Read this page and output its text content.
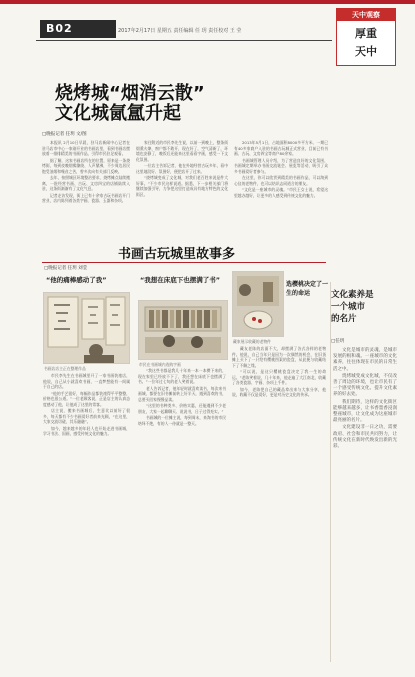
B02	2017年2月17日 星期五 责任编辑 任 玥 责任校对 王 莹
天中观察
厚重
天中
烧烤城“烟消云散”
文化城氤氲升起
□晚报记者 任玥 文/图

本报讯 2月10日早晨，驻马店新闻中心记者在驻马店市中心一家刚开业的书画店里，看到书画店摆放着一排排精美的书画作品，引得市民驻足观看。

据了解，这家书画店所在的位置，原来是一条烧烤街，每到夜晚烟雾缭绕、人声鼎沸，不少周边居民饱受油烟和噪音之苦，曾多次向有关部门反映。

去年，按照城区环境整治要求，烧烤摊点陆续搬离，一批经营书画、古玩、文房四宝的店铺陆续入驻，这条街渐渐有了文化气息。

记者走访发现，街上已有十余家古玩书画店开门营业，店内陈列着各类字画、瓷器、玉器和杂项。

家住附近的市民李先生说，以前一到晚上，整条街烟熏火燎，窗户都不敢开，现在好了，空气清新了，环境也安静了，晚饭后还能来这里看看字画，感受一下文化氛围。

一位店主告诉记者，他在外地经营古玩多年，看中这里地段好、氛围好，便把店开了过来。

“烧烤城变成了文化城，对我们老百姓来说是件大好事。”不少市民这样说道。据悉，下一步相关部门将继续加强引导，力争把这里打造成具有地方特色的文化街区。

2013年5月1日，占地面积8000多平方米、一期已有40多家商户入驻的书画古玩城正式营业，目前已有书画、古玩、文房四宝等商户80余家。

书画城管理人员介绍，为了营造良好的文化氛围，书画城定期举办书画交流笔会、展览等活动，吸引了众多书画爱好者参与。

在这里，你可以欣赏到精美的书画作品，可以淘到心仪的老物件，也可以结识志同道合的朋友。

“文化是一座城市的灵魂。”市民王女士说，希望这里越办越好，让更多的人感受到传统文化的魅力。

书画古玩城里故事多
□晚报记者 任玥 刘莹
“他的痛棒感动了我”
书画店店主正在整理作品

市民李先生在书画城里开了一家书画装裱店，他说，自己从小就喜欢书画，一直梦想能有一间属于自己的店。

“他的手艺很好，每幅作品都装裱得平平整整，价格也很公道。”一位老顾客说，正是店主的认真态度感动了他，让他成了这里的常客。

店主说，搬来书画城后，生意比以前好了很多，每天都有不少书画爱好者前来光顾，“在这里，大家交流切磋，其乐融融”。

如今，越来越多的年轻人也开始走进书画城，学习书法、国画，感受传统文化的魅力。

“我想在床底下也摆满了书”
市民在书画城内选购字画

“我这些书都是我几十年来一本一本攒下来的，现在家里已经放不下了，我还想在床底下也摆满了书。”一位年过七旬的老人笑着说。

老人告诉记者，他年轻时就喜欢读书，每次来书画城，都要在旧书摊前转上好半天，遇到喜欢的书，总要买回家慢慢品读。

“这里的书种类多、价格实惠，还能遇到不少老朋友，大家一起聊聊天、说说书，日子过得充实。”

书画城的一位摊主说，每到周末，来淘书的市民络绎不绝，有的人一待就是一整天。

藏家展示收藏的老物件
选樱桃决定了一生的命运

藏友老陈的店面不大，却摆满了各式各样的老物件。他说，自己当年只是因为一次偶然的机会，在旧货摊上买下了一只绘有樱桃图案的瓷盘，从此便与收藏结下了不解之缘。

“可以说，是这只樱桃瓷盘决定了我一生的命运。”老陈笑着说，几十年来，他走遍了大江南北，收藏了各类瓷器、字画、杂项上千件。

如今，老陈把自己的藏品拿出来与大家分享，他说，收藏不仅是爱好，更是对历史文化的传承。

文化素养是
一个城市
的名片
□任玥

文化是城市的灵魂，是城市发展的根和魂。一座城市的文化素养，往往体现在市民的日常生活之中。

烧烤城变成文化城，不仅改善了周边的环境，也让市民有了一个感受传统文化、提升文化素养的好去处。

我们期待，这样的文化街区能够越来越多，让书香墨香浸润整座城市，让文化成为这座城市最亮丽的名片。

文化建设非一日之功，需要政府、社会和市民共同努力，让传统文化在新时代焕发出新的光彩。
